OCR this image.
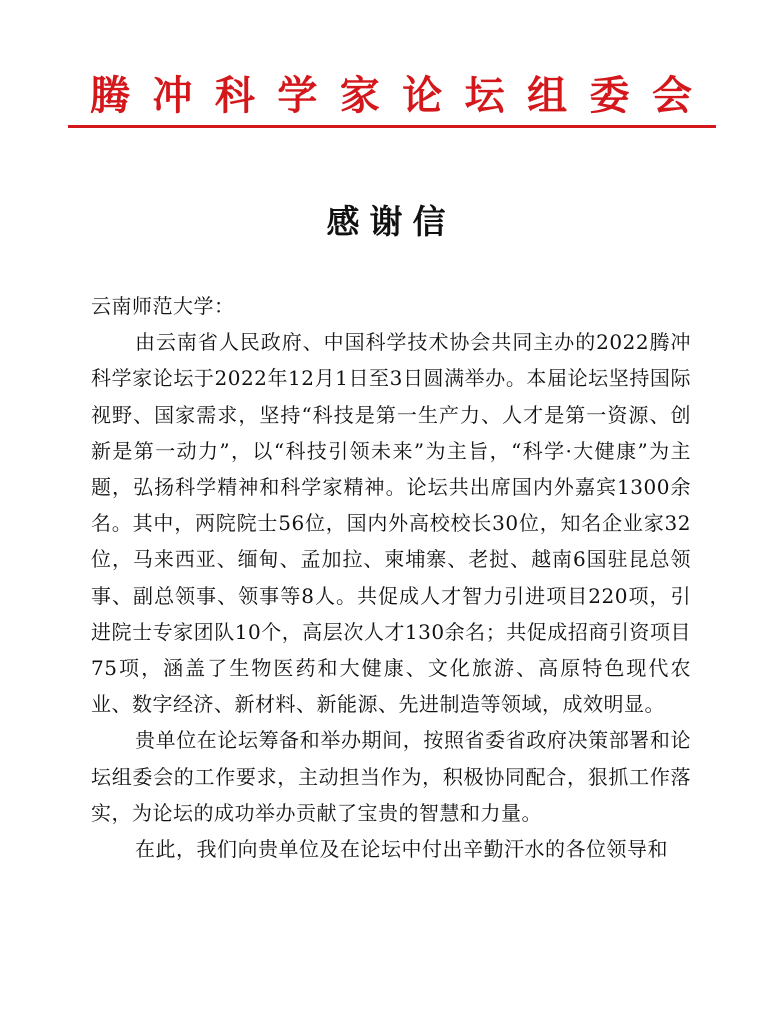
腾 冲 科 学 家 论 坛 组 委 会
感谢信

云南师范大学：

由云南省人民政府、中国科学技术协会共同主办的2022腾冲科学家论坛于2022年12月1日至3日圆满举办。本届论坛坚持国际视野、国家需求，坚持“科技是第一生产力、人才是第一资源、创新是第一动力”，以“科技引领未来”为主旨，“科学·大健康”为主题，弘扬科学精神和科学家精神。论坛共出席国内外嘉宾1300余名。其中，两院院士56位，国内外高校校长30位，知名企业家32位，马来西亚、缅甸、孟加拉、柬埔寨、老挝、越南6国驻昆总领事、副总领事、领事等8人。共促成人才智力引进项目220项，引进院士专家团队10个，高层次人才130余名；共促成招商引资项目75项，涵盖了生物医药和大健康、文化旅游、高原特色现代农业、数字经济、新材料、新能源、先进制造等领域，成效明显。

贵单位在论坛筹备和举办期间，按照省委省政府决策部署和论坛组委会的工作要求，主动担当作为，积极协同配合，狠抓工作落实，为论坛的成功举办贡献了宝贵的智慧和力量。

在此，我们向贵单位及在论坛中付出辛勤汗水的各位领导和
